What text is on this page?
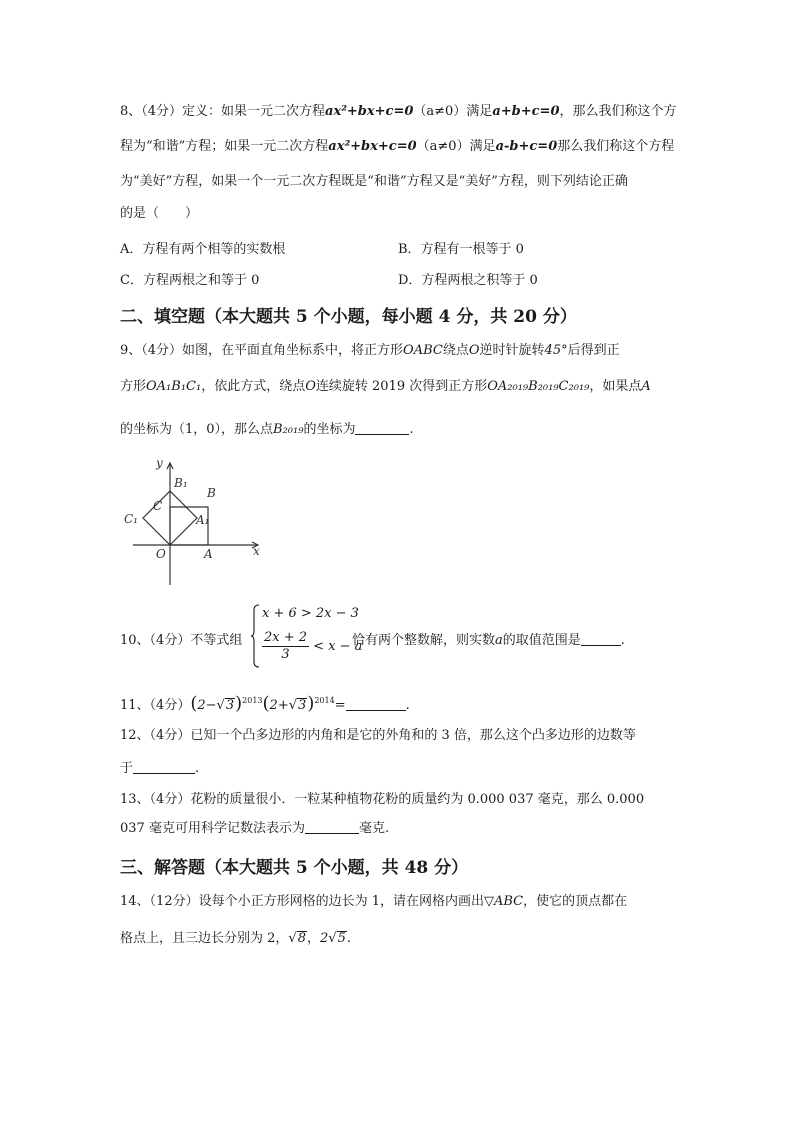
8、（4分）定义：如果一元二次方程ax²+bx+c=0（a≠0）满足a+b+c=0，那么我们称这个方
程为“和谐”方程；如果一元二次方程ax²+bx+c=0（a≠0）满足a-b+c=0那么我们称这个方程
为“美好”方程，如果一个一元二次方程既是“和谐”方程又是“美好”方程，则下列结论正确
的是（　　）
A．方程有两个相等的实数根	B．方程有一根等于 0
C．方程两根之和等于 0	D．方程两根之积等于 0
二、填空题（本大题共 5 个小题，每小题 4 分，共 20 分）
9、（4分）如图，在平面直角坐标系中，将正方形OABC绕点O逆时针旋转45°后得到正
方形OA₁B₁C₁，依此方式，绕点O连续旋转 2019 次得到正方形OA₂₀₁₉B₂₀₁₉C₂₀₁₉，如果点A
的坐标为（1，0），那么点B₂₀₁₉的坐标为	.
y
x
O	A
B
C
B₁
A₁
C₁
10、（4分）不等式组
x + 6 > 2x − 3
$\frac{2x + 2}{3} < x - a$
恰有两个整数解，则实数a的取值范围是	.
11、（4分）$(2-√3)^{2013}(2+√3)^{2014}=$	.
12、（4分）已知一个凸多边形的内角和是它的外角和的 3 倍，那么这个凸多边形的边数等
于	.
13、（4分）花粉的质量很小．一粒某种植物花粉的质量约为 0.000 037 毫克，那么 0.000
037 毫克可用科学记数法表示为	毫克.
三、解答题（本大题共 5 个小题，共 48 分）
14、（12分）设每个小正方形网格的边长为 1，请在网格内画出▽ABC，使它的顶点都在
格点上，且三边长分别为 2，√8，2√5.
